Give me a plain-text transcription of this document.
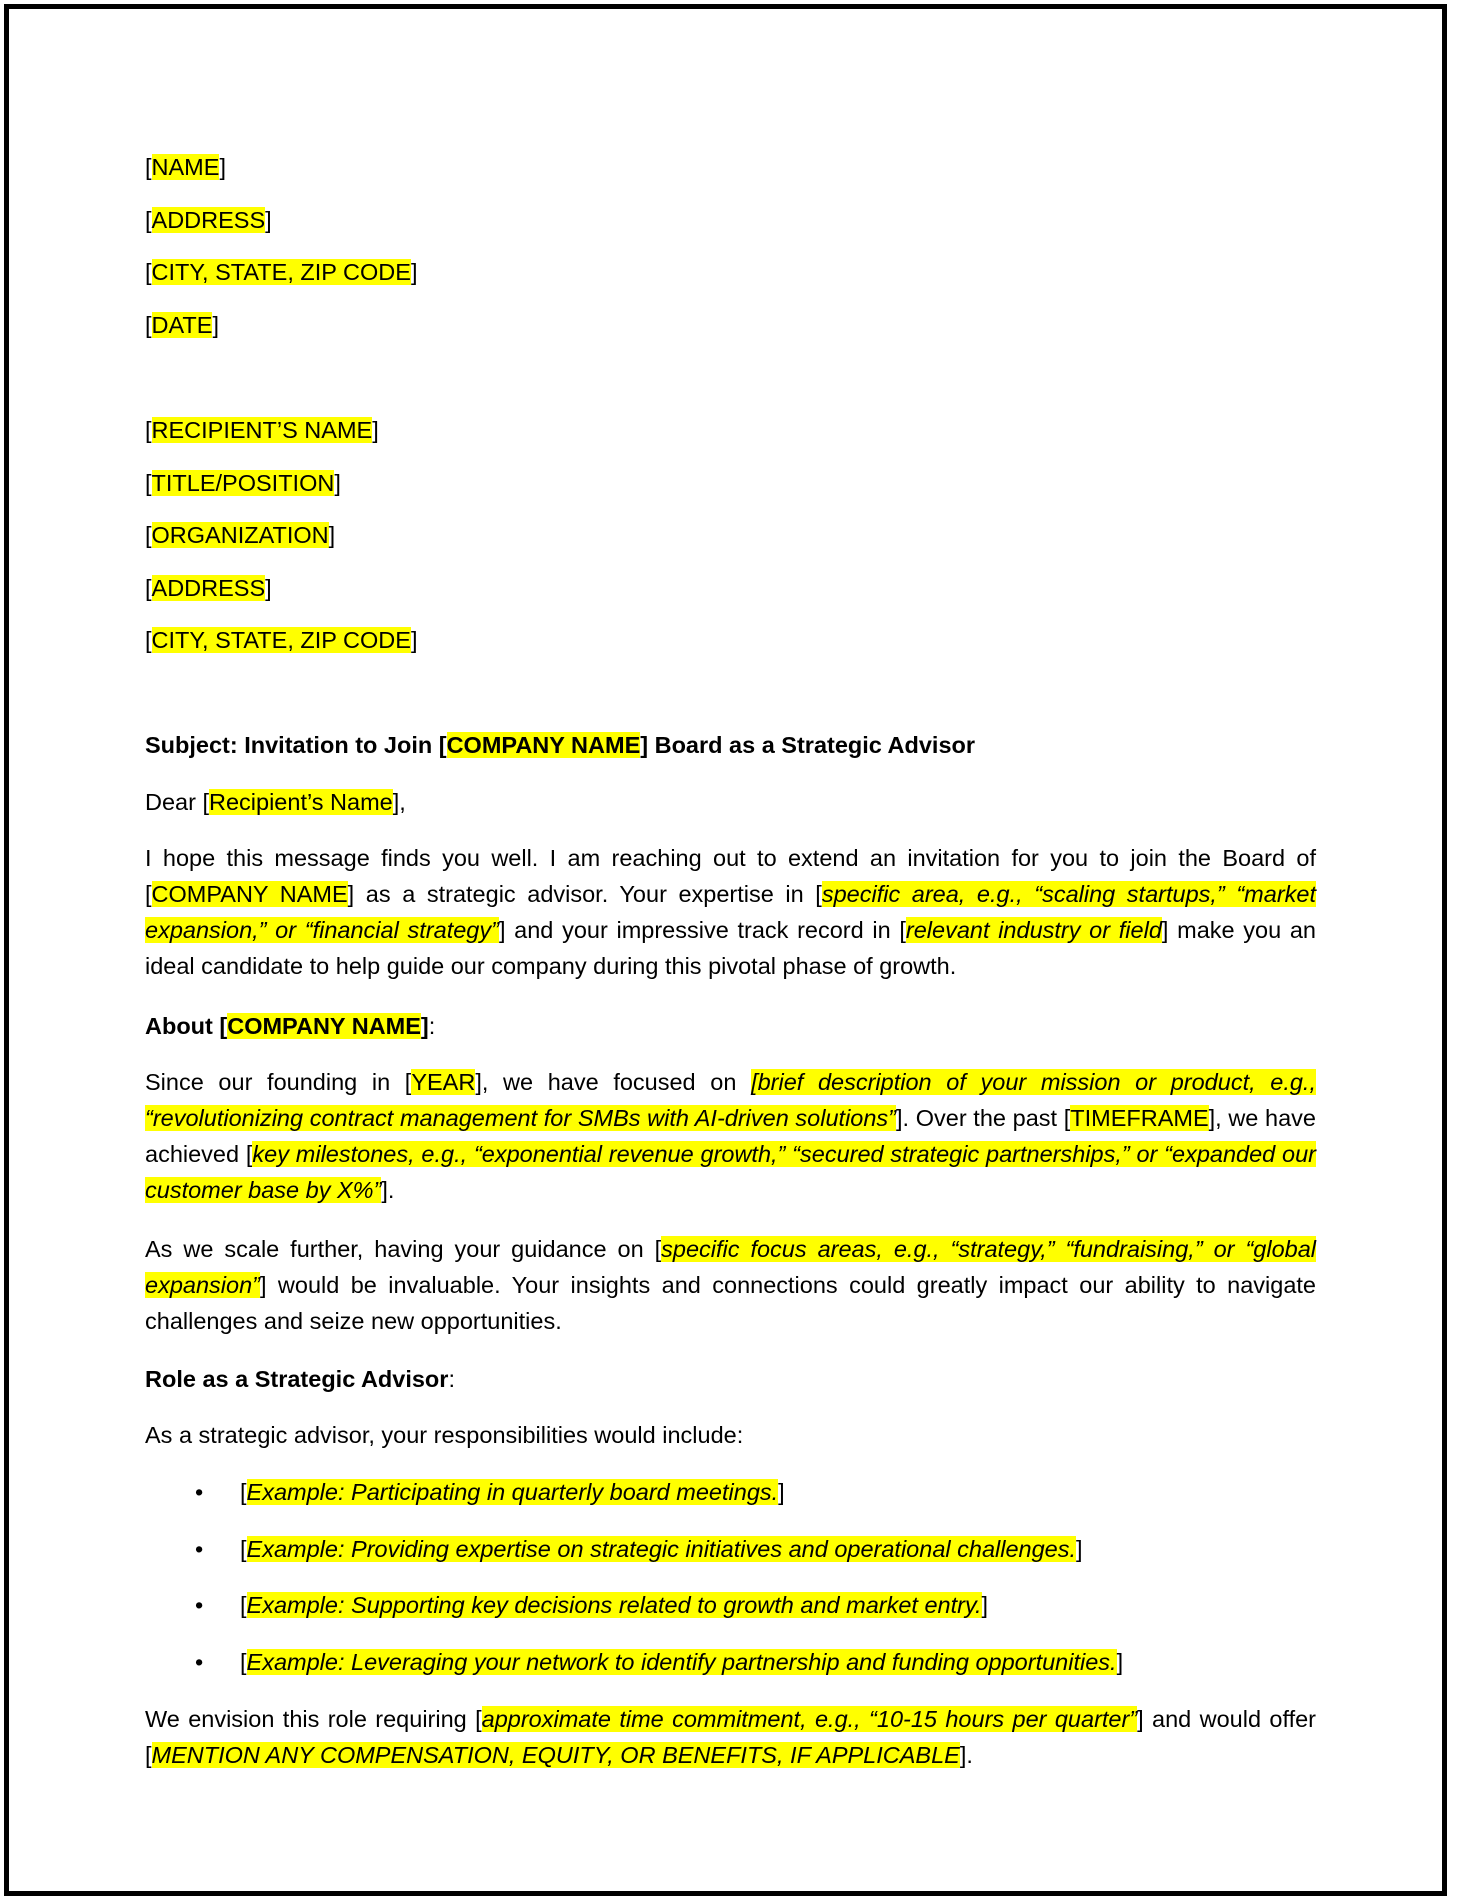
[NAME]
[ADDRESS]
[CITY, STATE, ZIP CODE]
[DATE]
[RECIPIENT’S NAME]
[TITLE/POSITION]
[ORGANIZATION]
[ADDRESS]
[CITY, STATE, ZIP CODE]
Subject: Invitation to Join [COMPANY NAME] Board as a Strategic Advisor
Dear [Recipient’s Name],
I hope this message finds you well. I am reaching out to extend an invitation for you to join the Board of [COMPANY NAME] as a strategic advisor. Your expertise in [specific area, e.g., “scaling startups,” “market expansion,” or “financial strategy”] and your impressive track record in [relevant industry or field] make you an ideal candidate to help guide our company during this pivotal phase of growth.
About [COMPANY NAME]:
Since our founding in [YEAR], we have focused on [brief description of your mission or product, e.g., “revolutionizing contract management for SMBs with AI-driven solutions”]. Over the past [TIMEFRAME], we have achieved [key milestones, e.g., “exponential revenue growth,” “secured strategic partnerships,” or “expanded our customer base by X%”].
As we scale further, having your guidance on [specific focus areas, e.g., “strategy,” “fundraising,” or “global expansion”] would be invaluable. Your insights and connections could greatly impact our ability to navigate challenges and seize new opportunities.
Role as a Strategic Advisor:
As a strategic advisor, your responsibilities would include:
• [Example: Participating in quarterly board meetings.]
• [Example: Providing expertise on strategic initiatives and operational challenges.]
• [Example: Supporting key decisions related to growth and market entry.]
• [Example: Leveraging your network to identify partnership and funding opportunities.]
We envision this role requiring [approximate time commitment, e.g., “10-15 hours per quarter”] and would offer [MENTION ANY COMPENSATION, EQUITY, OR BENEFITS, IF APPLICABLE].
